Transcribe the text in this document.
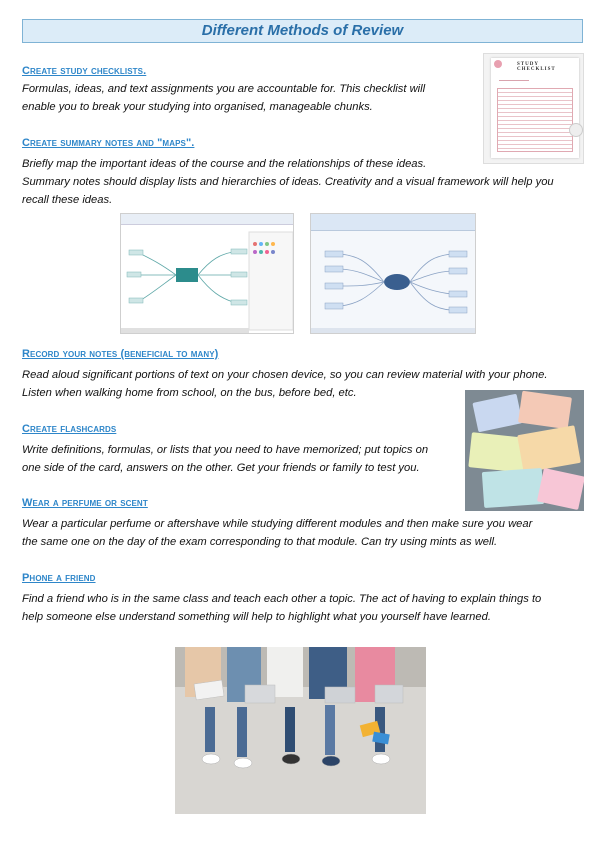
Different Methods of Review
Create study checklists.

Formulas, ideas, and text assignments you are accountable for. This checklist will
enable you to break your studying into organised, manageable chunks.

Create summary notes and "maps".

Briefly map the important ideas of the course and the relationships of these ideas.
Summary notes should display lists and hierarchies of ideas. Creativity and a visual framework will help you
recall these ideas.

Record your notes (beneficial to many)

Read aloud significant portions of text on your chosen device, so you can review material with your phone.
Listen when walking home from school, on the bus, before bed, etc.

Create flashcards

Write definitions, formulas, or lists that you need to have memorized; put topics on
one side of the card, answers on the other. Get your friends or family to test you.

Wear a perfume or scent

Wear a particular perfume or aftershave while studying different modules and then make sure you wear
the same one on the day of the exam corresponding to that module. Can try using mints as well.

Phone a friend

Find a friend who is in the same class and teach each other a topic. The act of having to explain things to
help someone else understand something will help to highlight what you yourself have learned.

STUDY CHECKLIST
